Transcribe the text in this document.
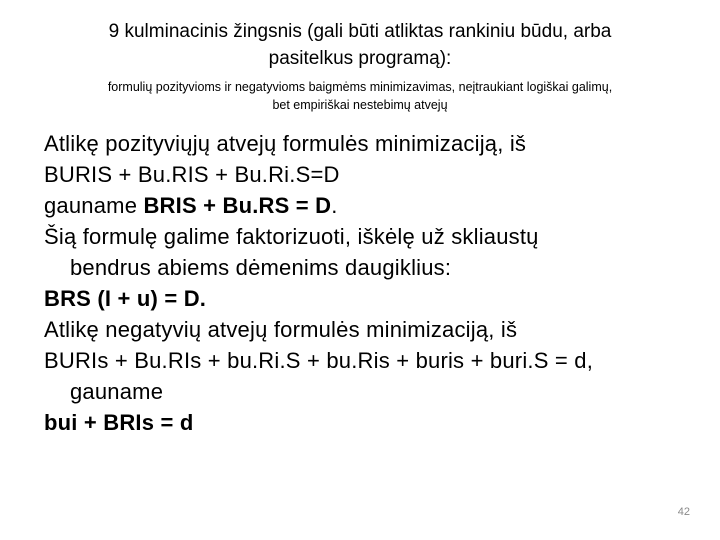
9 kulminacinis žingsnis (gali būti atliktas rankiniu būdu, arba
pasitelkus programą):
formulių pozityvioms ir negatyvioms baigmėms minimizavimas, neįtraukiant logiškai galimų,
bet empiriškai nestebimų atvejų

Atlikę pozityviųjų atvejų formulės minimizaciją, iš

BURIS + Bu.RIS + Bu.Ri.S=D

gauname BRIS + Bu.RS = D.

Šią formulę galime faktorizuoti, iškėlę už skliaustų

bendrus abiems dėmenims daugiklius:

BRS (I + u) = D.

Atlikę negatyvių atvejų formulės minimizaciją, iš

BURIs + Bu.RIs + bu.Ri.S + bu.Ris + buris + buri.S = d,

gauname

bui + BRIs = d

42
